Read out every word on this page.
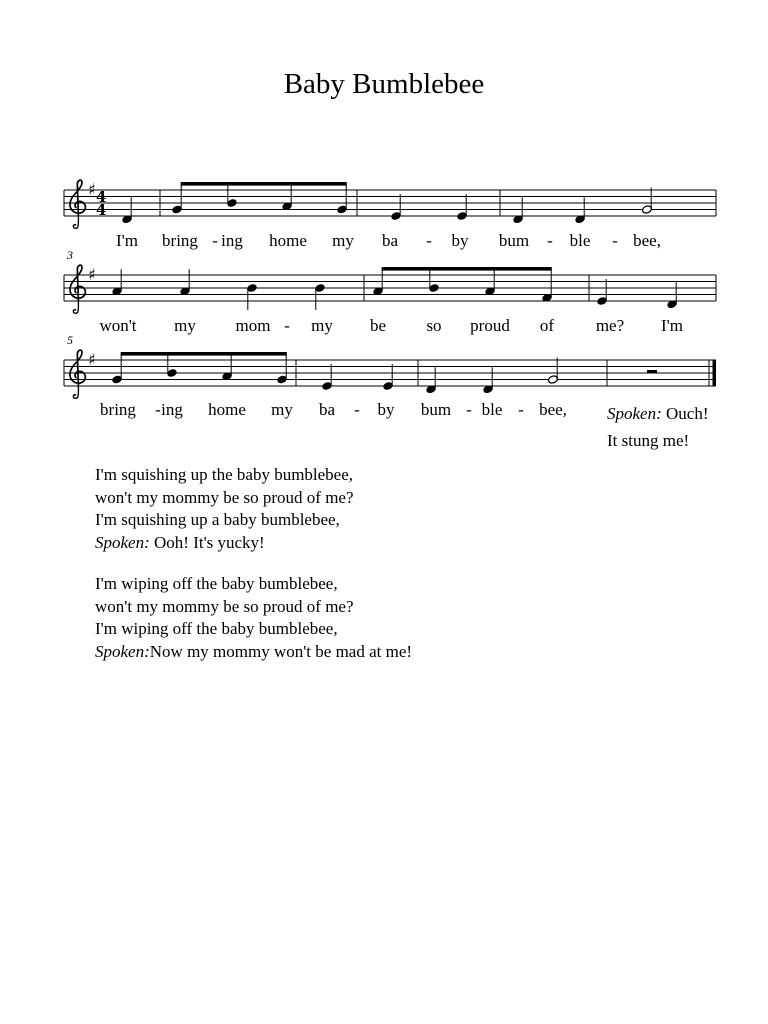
Baby Bumblebee
♯ 4
4
♯
3
♯
5
I'm bring - ing home my ba - by bum - ble - bee,
won't my mom - my be so proud of me? I'm
bring - ing home my ba - by bum - ble - bee, Spoken: Ouch!
It stung me!
I'm squishing up the baby bumblebee,
won't my mommy be so proud of me?
I'm squishing up a baby bumblebee,
Spoken: Ooh! It's yucky!
I'm wiping off the baby bumblebee,
won't my mommy be so proud of me?
I'm wiping off the baby bumblebee,
Spoken:Now my mommy won't be mad at me!
